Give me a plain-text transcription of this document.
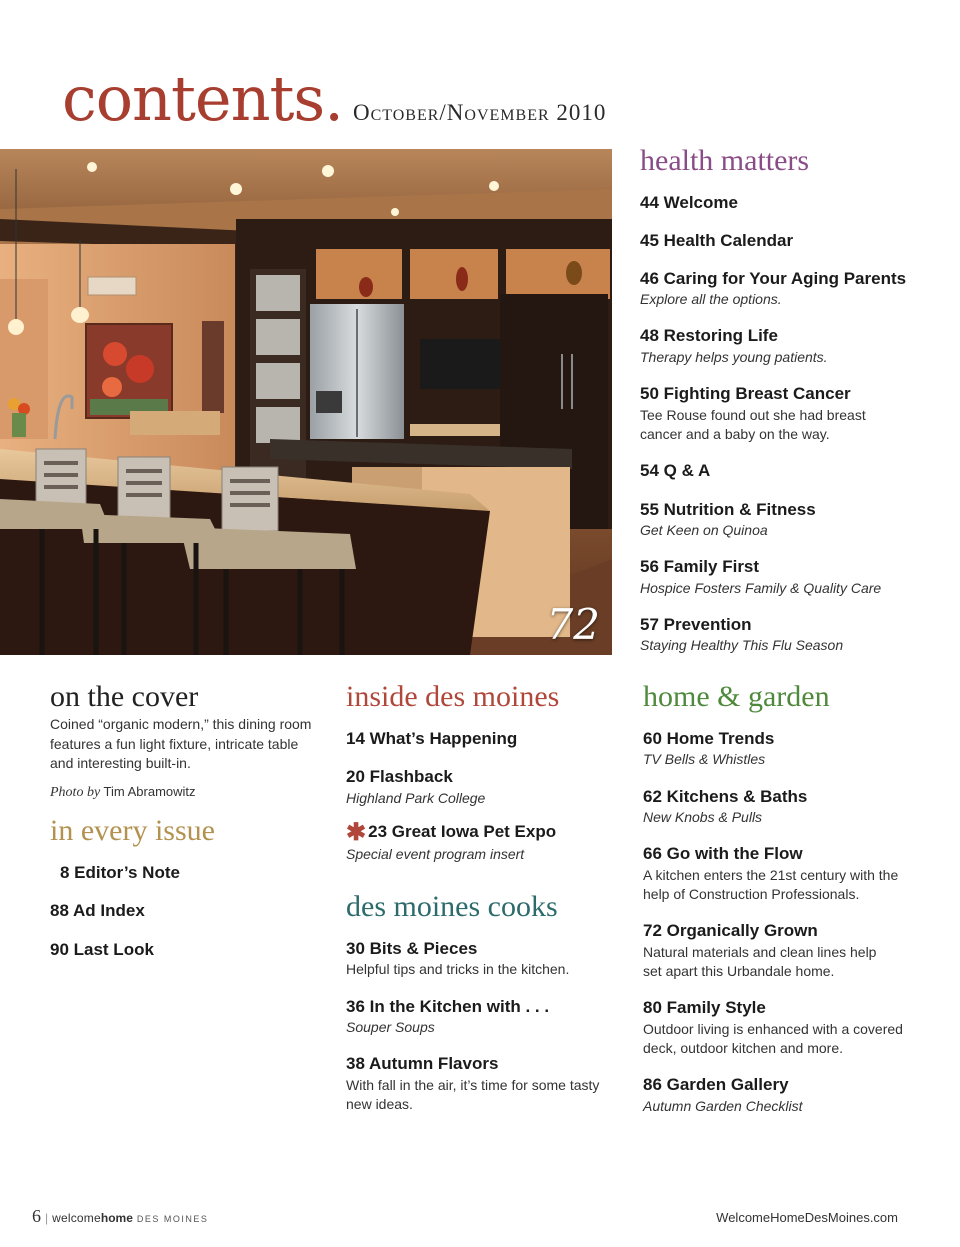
contents. October/November 2010
72
health matters
44 Welcome
45 Health Calendar
46 Caring for Your Aging Parents
Explore all the options.
48 Restoring Life
Therapy helps young patients.
50 Fighting Breast Cancer
Tee Rouse found out she had breast cancer and a baby on the way.
54 Q & A
55 Nutrition & Fitness
Get Keen on Quinoa
56 Family First
Hospice Fosters Family & Quality Care
57 Prevention
Staying Healthy This Flu Season
on the cover
Coined “organic modern,” this dining room features a fun light fixture, intricate table and interesting built-in.
Photo by Tim Abramowitz
in every issue
8 Editor’s Note
88 Ad Index
90 Last Look
inside des moines
14 What’s Happening
20 Flashback
Highland Park College
✱ 23 Great Iowa Pet Expo
Special event program insert
des moines cooks
30 Bits & Pieces
Helpful tips and tricks in the kitchen.
36 In the Kitchen with . . .
Souper Soups
38 Autumn Flavors
With fall in the air, it’s time for some tasty new ideas.
home & garden
60 Home Trends
TV Bells & Whistles
62 Kitchens & Baths
New Knobs & Pulls
66 Go with the Flow
A kitchen enters the 21st century with the help of Construction Professionals.
72 Organically Grown
Natural materials and clean lines help set apart this Urbandale home.
80 Family Style
Outdoor living is enhanced with a covered deck, outdoor kitchen and more.
86 Garden Gallery
Autumn Garden Checklist
6 | welcomehome DES MOINES	WelcomeHomeDesMoines.com
